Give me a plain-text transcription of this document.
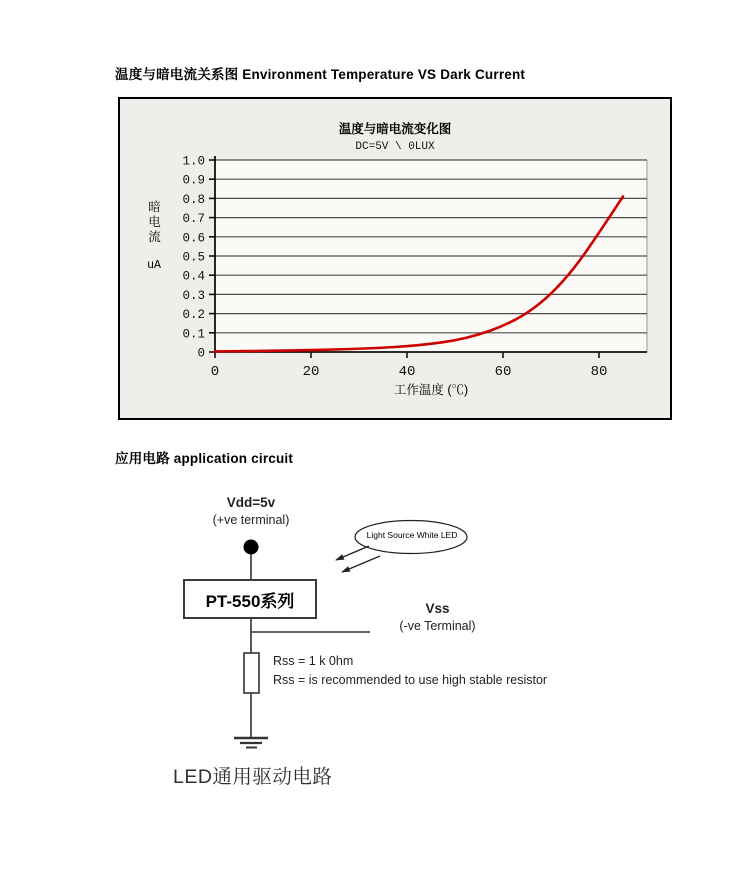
温度与暗电流关系图 Environment Temperature VS Dark Current
温度与暗电流变化图
DC=5V \ 0LUX
暗电流
uA
0
0.1
0.2
0.3
0.4
0.5
0.6
0.7
0.8
0.9
1.0
0	20	40	60	80
工作温度 (℃)
应用电路 application circuit
Vdd=5v
(+ve terminal)
PT-550系列
Light Source White LED
Vss
(-ve Terminal)
Rss = 1 k 0hm
Rss = is recommended to use high stable resistor
LED通用驱动电路
